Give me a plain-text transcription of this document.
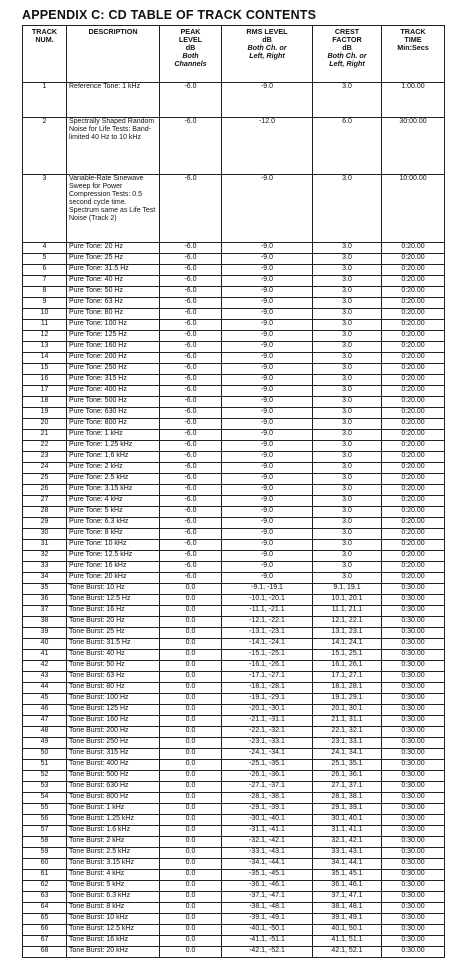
APPENDIX C: CD TABLE OF TRACK CONTENTS
TRACK
NUM.	DESCRIPTION	PEAK
LEVEL
dB
Both
Channels	RMS LEVEL
dB
Both Ch. or
Left, Right	CREST
FACTOR
dB
Both Ch. or
Left, Right	TRACK
TIME
Min:Secs

1	Reference Tone: 1 kHz	-6.0	-9.0	3.0	1:00.00
2	Spectrally Shaped Random Noise for Life Tests: Band-limited 40 Hz to 10 kHz	-6.0	-12.0	6.0	30:00.00
3	Variable-Rate Sinewave Sweep for Power Compression Tests: 0.5 second cycle time. Spectrum same as Life Test Noise (Track 2)	-6.0	-9.0	3.0	10:00.00
4	Pure Tone: 20 Hz	-6.0	-9.0	3.0	0:20.00
5	Pure Tone: 25 Hz	-6.0	-9.0	3.0	0:20.00
6	Pure Tone: 31.5 Hz	-6.0	-9.0	3.0	0:20.00
7	Pure Tone: 40 Hz	-6.0	-9.0	3.0	0:20.00
8	Pure Tone: 50 Hz	-6.0	-9.0	3.0	0:20.00
9	Pure Tone: 63 Hz	-6.0	-9.0	3.0	0:20.00
10	Pure Tone: 80 Hz	-6.0	-9.0	3.0	0:20.00
11	Pure Tone: 100 Hz	-6.0	-9.0	3.0	0:20.00
12	Pure Tone: 125 Hz	-6.0	-9.0	3.0	0:20.00
13	Pure Tone: 160 Hz	-6.0	-9.0	3.0	0:20.00
14	Pure Tone: 200 Hz	-6.0	-9.0	3.0	0:20.00
15	Pure Tone: 250 Hz	-6.0	-9.0	3.0	0:20.00
16	Pure Tone: 315 Hz	-6.0	-9.0	3.0	0:20.00
17	Pure Tone: 400 Hz	-6.0	-9.0	3.0	0:20.00
18	Pure Tone: 500 Hz	-6.0	-9.0	3.0	0:20.00
19	Pure Tone: 630 Hz	-6.0	-9.0	3.0	0:20.00
20	Pure Tone: 800 Hz	-6.0	-9.0	3.0	0:20.00
21	Pure Tone: 1 kHz	-6.0	-9.0	3.0	0:20.00
22	Pure Tone: 1.25 kHz	-6.0	-9.0	3.0	0:20.00
23	Pure Tone: 1.6 kHz	-6.0	-9.0	3.0	0:20.00
24	Pure Tone: 2 kHz	-6.0	-9.0	3.0	0:20.00
25	Pure Tone: 2.5 kHz	-6.0	-9.0	3.0	0:20.00
26	Pure Tone: 3.15 kHz	-6.0	-9.0	3.0	0:20.00
27	Pure Tone: 4 kHz	-6.0	-9.0	3.0	0:20.00
28	Pure Tone: 5 kHz	-6.0	-9.0	3.0	0:20.00
29	Pure Tone: 6.3 kHz	-6.0	-9.0	3.0	0:20.00
30	Pure Tone: 8 kHz	-6.0	-9.0	3.0	0:20.00
31	Pure Tone: 10 kHz	-6.0	-9.0	3.0	0:20.00
32	Pure Tone: 12.5 kHz	-6.0	-9.0	3.0	0:20.00
33	Pure Tone: 16 kHz	-6.0	-9.0	3.0	0:20.00
34	Pure Tone: 20 kHz	-6.0	-9.0	3.0	0:20.00
35	Tone Burst: 10 Hz	0.0	-9.1, -19.1	9.1, 19.1	0:30.00
36	Tone Burst: 12.5 Hz	0.0	-10.1, -20.1	10.1, 20.1	0:30.00
37	Tone Burst: 16 Hz	0.0	-11.1, -21.1	11.1, 21.1	0:30.00
38	Tone Burst: 20 Hz	0.0	-12.1, -22.1	12.1, 22.1	0:30.00
39	Tone Burst: 25 Hz	0.0	-13.1, -23.1	13.1, 23.1	0:30.00
40	Tone Burst: 31.5 Hz	0.0	-14.1, -24.1	14.1, 24.1	0:30.00
41	Tone Burst: 40 Hz	0.0	-15.1, -25.1	15.1, 25.1	0:30.00
42	Tone Burst: 50 Hz	0.0	-16.1, -26.1	16.1, 26.1	0:30.00
43	Tone Burst: 63 Hz	0.0	-17.1, -27.1	17.1, 27.1	0:30.00
44	Tone Burst: 80 Hz	0.0	-18.1, -28.1	18.1, 28.1	0:30.00
45	Tone Burst: 100 Hz	0.0	-19.1, -29.1	19.1, 29.1	0:30.00
46	Tone Burst: 125 Hz	0.0	-20.1, -30.1	20.1, 30.1	0:30.00
47	Tone Burst: 160 Hz	0.0	-21.1, -31.1	21.1, 31.1	0:30.00
48	Tone Burst: 200 Hz	0.0	-22.1, -32.1	22.1, 32.1	0:30.00
49	Tone Burst: 250 Hz	0.0	-23.1, -33.1	23.1, 33.1	0:30.00
50	Tone Burst: 315 Hz	0.0	-24.1, -34.1	24.1, 34.1	0:30.00
51	Tone Burst: 400 Hz	0.0	-25.1, -35.1	25.1, 35.1	0:30.00
52	Tone Burst: 500 Hz	0.0	-26.1, -36.1	26.1, 36.1	0:30.00
53	Tone Burst: 630 Hz	0.0	-27.1, -37.1	27.1, 37.1	0:30.00
54	Tone Burst: 800 Hz	0.0	-28.1, -38.1	28.1, 38.1	0:30.00
55	Tone Burst: 1 kHz	0.0	-29.1, -39.1	29.1, 39.1	0:30.00
56	Tone Burst: 1.25 kHz	0.0	-30.1, -40.1	30.1, 40.1	0:30.00
57	Tone Burst: 1.6 kHz	0.0	-31.1, -41.1	31.1, 41.1	0:30.00
58	Tone Burst: 2 kHz	0.0	-32.1, -42.1	32.1, 42.1	0:30.00
59	Tone Burst: 2.5 kHz	0.0	-33.1, -43.1	33.1, 43.1	0:30.00
60	Tone Burst: 3.15 kHz	0.0	-34.1, -44.1	34.1, 44.1	0:30.00
61	Tone Burst: 4 kHz	0.0	-35.1, -45.1	35.1, 45.1	0:30.00
62	Tone Burst: 5 kHz	0.0	-36.1, -46.1	36.1, 46.1	0:30.00
63	Tone Burst: 6.3 kHz	0.0	-37.1, -47.1	37.1, 47.1	0:30.00
64	Tone Burst: 8 kHz	0.0	-38.1, -48.1	38.1, 48.1	0:30.00
65	Tone Burst: 10 kHz	0.0	-39.1, -49.1	39.1, 49.1	0:30.00
66	Tone Burst: 12.5 kHz	0.0	-40.1, -50.1	40.1, 50.1	0:30.00
67	Tone Burst: 16 kHz	0.0	-41.1, -51.1	41.1, 51.1	0:30.00
68	Tone Burst: 20 kHz	0.0	-42.1, -52.1	42.1, 52.1	0:30.00
